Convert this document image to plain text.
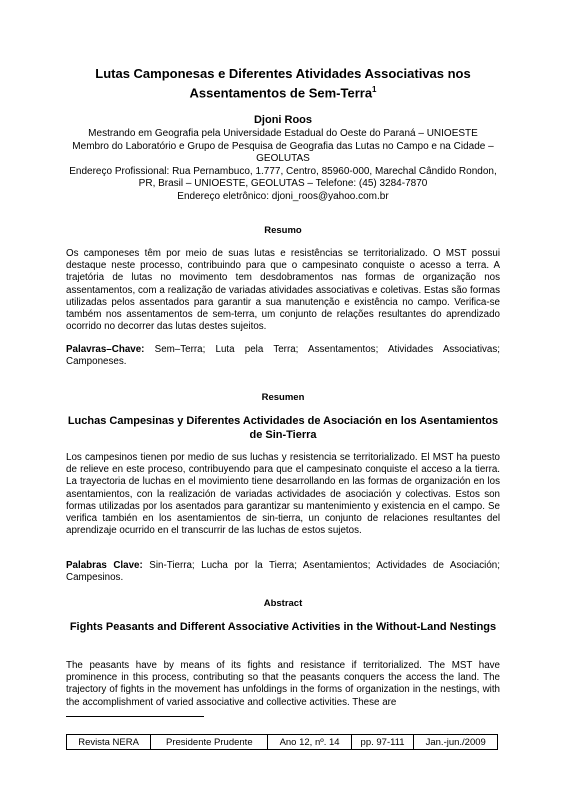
Lutas Camponesas e Diferentes Atividades Associativas nos Assentamentos de Sem-Terra$^1$
Djoni Roos
Mestrando em Geografia pela Universidade Estadual do Oeste do Paraná – UNIOESTE
Membro do Laboratório e Grupo de Pesquisa de Geografia das Lutas no Campo e na Cidade – GEOLUTAS
Endereço Profissional: Rua Pernambuco, 1.777, Centro, 85960-000, Marechal Cândido Rondon, PR, Brasil – UNIOESTE, GEOLUTAS – Telefone: (45) 3284-7870
Endereço eletrônico: djoni_roos@yahoo.com.br
Resumo
Os camponeses têm por meio de suas lutas e resistências se territorializado. O MST possui destaque neste processo, contribuindo para que o campesinato conquiste o acesso a terra. A trajetória de lutas no movimento tem desdobramentos nas formas de organização nos assentamentos, com a realização de variadas atividades associativas e coletivas. Estas são formas utilizadas pelos assentados para garantir a sua manutenção e existência no campo. Verifica-se também nos assentamentos de sem-terra, um conjunto de relações resultantes do aprendizado ocorrido no decorrer das lutas destes sujeitos.
Palavras–Chave: Sem–Terra; Luta pela Terra; Assentamentos; Atividades Associativas; Camponeses.
Resumen
Luchas Campesinas y Diferentes Actividades de Asociación en los Asentamientos de Sin-Tierra
Los campesinos tienen por medio de sus luchas y resistencia se territorializado. El MST ha puesto de relieve en este proceso, contribuyendo para que el campesinato conquiste el acceso a la tierra. La trayectoria de luchas en el movimiento tiene desarrollando en las formas de organización en los asentamientos, con la realización de variadas actividades de asociación y colectivas. Estos son formas utilizadas por los asentados para garantizar su mantenimiento y existencia en el campo. Se verifica también en los asentamientos de sin-tierra, un conjunto de relaciones resultantes del aprendizaje ocurrido en el transcurrir de las luchas de estos sujetos.
Palabras Clave: Sin-Tierra; Lucha por la Tierra; Asentamientos; Actividades de Asociación; Campesinos.
Abstract
Fights Peasants and Different Associative Activities in the Without-Land Nestings
The peasants have by means of its fights and resistance if territorialized. The MST have prominence in this process, contributing so that the peasants conquers the access the land. The trajectory of fights in the movement has unfoldings in the forms of organization in the nestings, with the accomplishment of varied associative and collective activities. These are
Revista NERA	Presidente Prudente	Ano 12, nº. 14	pp. 97-111	Jan.-jun./2009
